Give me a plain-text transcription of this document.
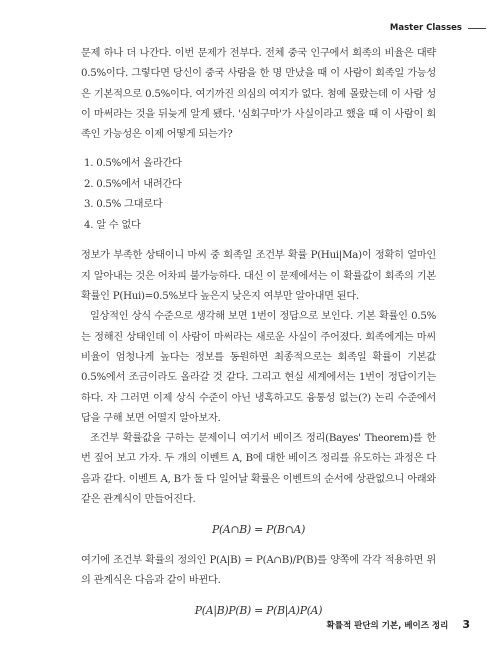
Master Classes

문제 하나 더 나간다. 이번 문제가 전부다. 전체 중국 인구에서 회족의 비율은 대략 0.5%이다. 그렇다면 당신이 중국 사람을 한 명 만났을 때 이 사람이 회족일 가능성은 기본적으로 0.5%이다. 여기까진 의심의 여지가 없다. 첨예 몰랐는데 이 사람 성이 마써라는 것을 뒤늦게 알게 됐다. '심회구마'가 사실이라고 했을 때 이 사람이 회족인 가능성은 이제 어떻게 되는가?

1. 0.5%에서 올라간다
2. 0.5%에서 내려간다
3. 0.5% 그대로다
4. 알 수 없다

정보가 부족한 상태이니 마씨 중 회족일 조건부 확률 P(Hui|Ma)이 정확히 얼마인지 알아내는 것은 어차피 불가능하다. 대신 이 문제에서는 이 확률값이 회족의 기본 확률인 P(Hui)=0.5%보다 높은지 낮은지 여부만 알아내면 된다.

일상적인 상식 수준으로 생각해 보면 1번이 정답으로 보인다. 기본 확률인 0.5%는 정해진 상태인데 이 사람이 마써라는 새로운 사실이 주어졌다. 회족에게는 마씨 비율이 엄청나게 높다는 정보를 동원하면 최종적으로는 회족일 확률이 기본값 0.5%에서 조금이라도 올라갈 것 같다. 그리고 현실 세계에서는 1번이 정답이기는 하다. 자 그러면 이제 상식 수준이 아닌 냉혹하고도 융통성 없는(?) 논리 수준에서 답을 구해 보면 어떨지 알아보자.

조건부 확률값을 구하는 문제이니 여기서 베이즈 정리(Bayes' Theorem)를 한번 짚어 보고 가자. 두 개의 이벤트 A, B에 대한 베이즈 정리를 유도하는 과정은 다음과 같다. 이벤트 A, B가 둘 다 일어날 확률은 이벤트의 순서에 상관없으니 아래와 같은 관계식이 만들어진다.

P(A∩B) = P(B∩A)

여기에 조건부 확률의 정의인 P(A|B) = P(A∩B)/P(B)를 양쪽에 각각 적용하면 위의 관계식은 다음과 같이 바뀐다.

P(A|B)P(B) = P(B|A)P(A)
확률적 판단의 기본, 베이즈 정리 3
